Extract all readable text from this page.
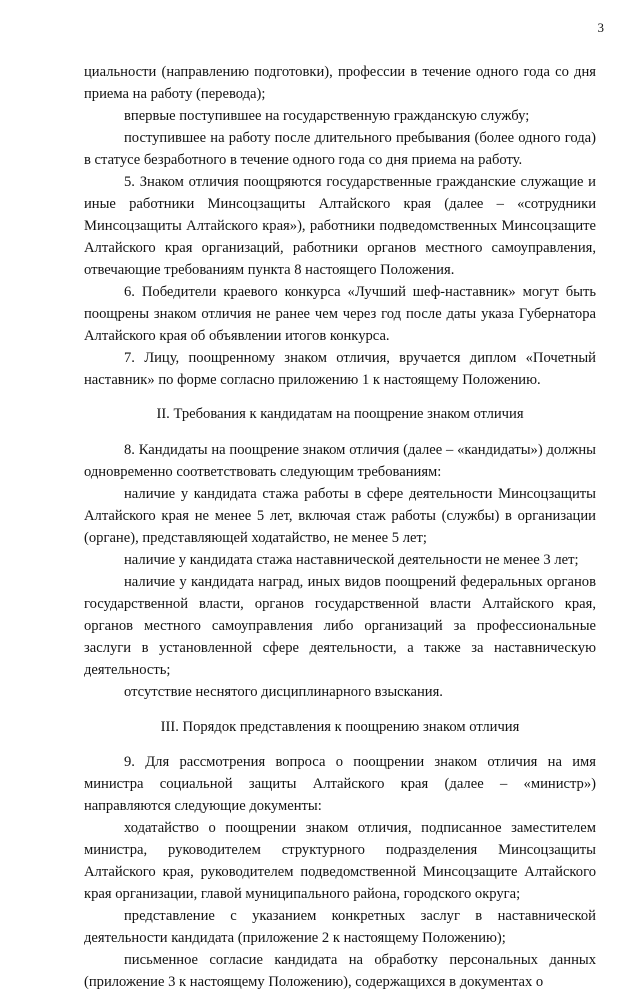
3

циальности (направлению подготовки), профессии в течение одного года со дня приема на работу (перевода);

впервые поступившее на государственную гражданскую службу;

поступившее на работу после длительного пребывания (более одного года) в статусе безработного в течение одного года со дня приема на работу.

5. Знаком отличия поощряются государственные гражданские служащие и иные работники Минсоцзащиты Алтайского края (далее – «сотрудники Минсоцзащиты Алтайского края»), работники подведомственных Минсоцзащите Алтайского края организаций, работники органов местного самоуправления, отвечающие требованиям пункта 8 настоящего Положения.

6. Победители краевого конкурса «Лучший шеф-наставник» могут быть поощрены знаком отличия не ранее чем через год после даты указа Губернатора Алтайского края об объявлении итогов конкурса.

7. Лицу, поощренному знаком отличия, вручается диплом «Почетный наставник» по форме согласно приложению 1 к настоящему Положению.

II. Требования к кандидатам на поощрение знаком отличия

8. Кандидаты на поощрение знаком отличия (далее – «кандидаты») должны одновременно соответствовать следующим требованиям:

наличие у кандидата стажа работы в сфере деятельности Минсоцзащиты Алтайского края не менее 5 лет, включая стаж работы (службы) в организации (органе), представляющей ходатайство, не менее 5 лет;

наличие у кандидата стажа наставнической деятельности не менее 3 лет;

наличие у кандидата наград, иных видов поощрений федеральных органов государственной власти, органов государственной власти Алтайского края, органов местного самоуправления либо организаций за профессиональные заслуги в установленной сфере деятельности, а также за наставническую деятельность;

отсутствие неснятого дисциплинарного взыскания.

III. Порядок представления к поощрению знаком отличия

9. Для рассмотрения вопроса о поощрении знаком отличия на имя министра социальной защиты Алтайского края (далее – «министр») направляются следующие документы:

ходатайство о поощрении знаком отличия, подписанное заместителем министра, руководителем структурного подразделения Минсоцзащиты Алтайского края, руководителем подведомственной Минсоцзащите Алтайского края организации, главой муниципального района, городского округа;

представление с указанием конкретных заслуг в наставнической деятельности кандидата (приложение 2 к настоящему Положению);

письменное согласие кандидата на обработку персональных данных (приложение 3 к настоящему Положению), содержащихся в документах о
